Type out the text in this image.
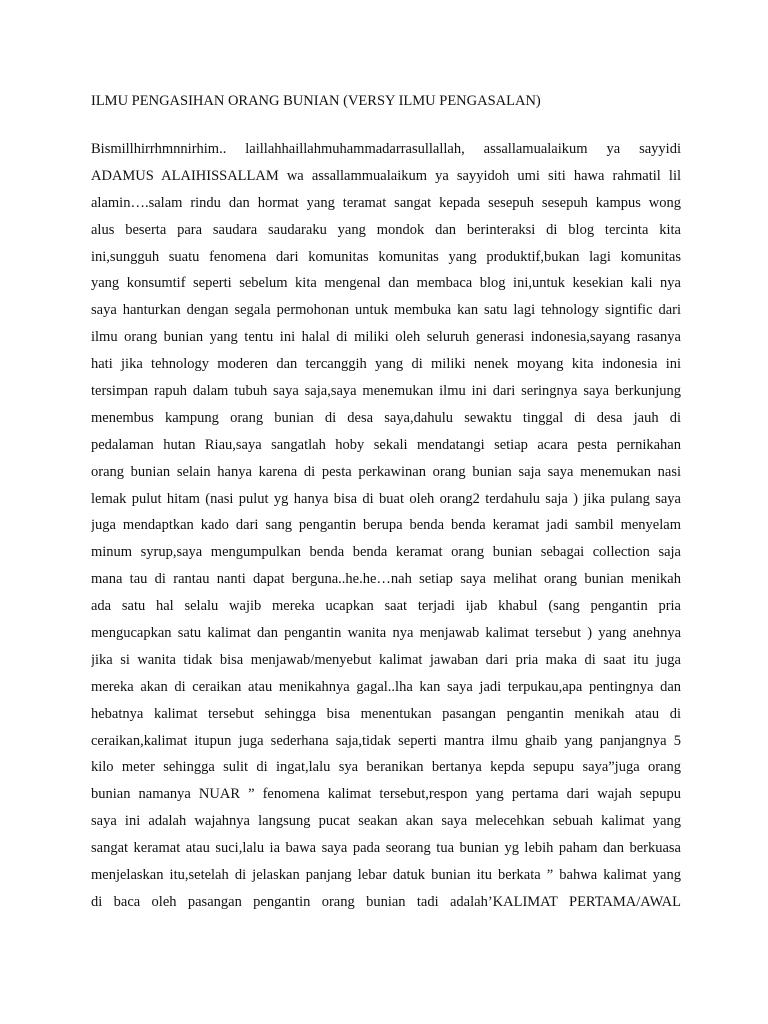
ILMU PENGASIHAN ORANG BUNIAN (VERSY ILMU PENGASALAN)
Bismillhirrhmnnirhim.. laillahhaillahmuhammadarrasullallah, assallamualaikum ya sayyidi
ADAMUS ALAIHISSALLAM wa assallammualaikum ya sayyidoh umi siti hawa rahmatil lil
alamin….salam rindu dan hormat yang teramat sangat kepada sesepuh sesepuh kampus wong
alus beserta para saudara saudaraku yang mondok dan berinteraksi di blog tercinta kita
ini,sungguh suatu fenomena dari komunitas komunitas yang produktif,bukan lagi komunitas
yang konsumtif seperti sebelum kita mengenal dan membaca blog ini,untuk kesekian kali nya
saya hanturkan dengan segala permohonan untuk membuka kan satu lagi tehnology signtific dari
ilmu orang bunian yang tentu ini halal di miliki oleh seluruh generasi indonesia,sayang rasanya
hati jika tehnology moderen dan tercanggih yang di miliki nenek moyang kita indonesia ini
tersimpan rapuh dalam tubuh saya saja,saya menemukan ilmu ini dari seringnya saya berkunjung
menembus kampung orang bunian di desa saya,dahulu sewaktu tinggal di desa jauh di
pedalaman hutan Riau,saya sangatlah hoby sekali mendatangi setiap acara pesta pernikahan
orang bunian selain hanya karena di pesta perkawinan orang bunian saja saya menemukan nasi
lemak pulut hitam (nasi pulut yg hanya bisa di buat oleh orang2 terdahulu saja ) jika pulang saya
juga mendaptkan kado dari sang pengantin berupa benda benda keramat jadi sambil menyelam
minum syrup,saya mengumpulkan benda benda keramat orang bunian sebagai collection saja
mana tau di rantau nanti dapat berguna..he.he…nah setiap saya melihat orang bunian menikah
ada satu hal selalu wajib mereka ucapkan saat terjadi ijab khabul (sang pengantin pria
mengucapkan satu kalimat dan pengantin wanita nya menjawab kalimat tersebut ) yang anehnya
jika si wanita tidak bisa menjawab/menyebut kalimat jawaban dari pria maka di saat itu juga
mereka akan di ceraikan atau menikahnya gagal..lha kan saya jadi terpukau,apa pentingnya dan
hebatnya kalimat tersebut sehingga bisa menentukan pasangan pengantin menikah atau di
ceraikan,kalimat itupun juga sederhana saja,tidak seperti mantra ilmu ghaib yang panjangnya 5
kilo meter sehingga sulit di ingat,lalu sya beranikan bertanya kepda sepupu saya”juga orang
bunian namanya NUAR ” fenomena kalimat tersebut,respon yang pertama dari wajah sepupu
saya ini adalah wajahnya langsung pucat seakan akan saya melecehkan sebuah kalimat yang
sangat keramat atau suci,lalu ia bawa saya pada seorang tua bunian yg lebih paham dan berkuasa
menjelaskan itu,setelah di jelaskan panjang lebar datuk bunian itu berkata ” bahwa kalimat yang
di baca oleh pasangan pengantin orang bunian tadi adalah’KALIMAT PERTAMA/AWAL
